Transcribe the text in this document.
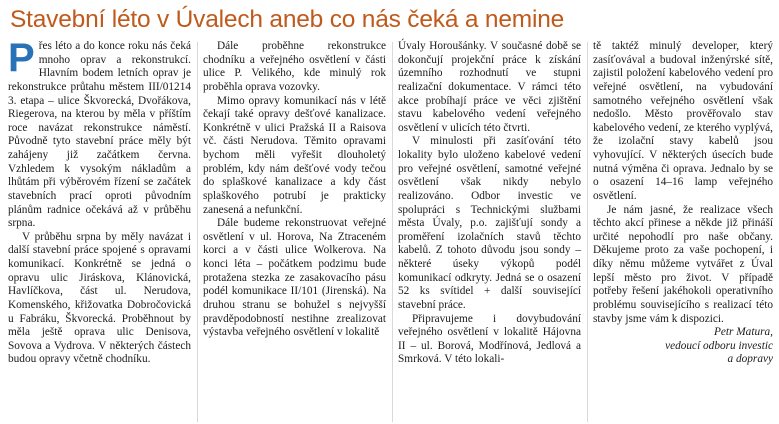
Stavební léto v Úvalech aneb co nás čeká a nemine

Přes léto a do konce roku nás čeká mnoho oprav a rekonstrukcí. Hlavním bodem letních oprav je rekonstrukce průtahu městem III/01214 3. etapa – ulice Škvorecká, Dvořákova, Riegerova, na kterou by měla v příštím roce navázat rekonstrukce náměstí. Původně tyto stavební práce měly být zahájeny již začátkem června. Vzhledem k vysokým nákladům a lhůtám při výběrovém řízení se začátek stavebních prací oproti původním plánům radnice očekává až v průběhu srpna.

V průběhu srpna by měly navázat i další stavební práce spojené s opravami komunikací. Konkrétně se jedná o opravu ulic Jiráskova, Klánovická, Havlíčkova, část ul. Nerudova, Komenského, křižovatka Dobročovická u Fabráku, Škvorecká. Proběhnout by měla ještě oprava ulic Denisova, Sovova a Vydrova. V některých částech budou opravy včetně chodníku.

Dále proběhne rekonstrukce chodníku a veřejného osvětlení v části ulice P. Velikého, kde minulý rok proběhla oprava vozovky.

Mimo opravy komunikací nás v létě čekají také opravy dešťové kanalizace. Konkrétně v ulici Pražská II a Raisova vč. části Nerudova. Těmito opravami bychom měli vyřešit dlouholetý problém, kdy nám dešťové vody tečou do splaškové kanalizace a kdy část splaškového potrubí je prakticky zanesená a nefunkční.

Dále budeme rekonstruovat veřejné osvětlení v ul. Horova, Na Ztraceném korci a v části ulice Wolkerova. Na konci léta – počátkem podzimu bude protažena stezka ze zasakovacího pásu podél komunikace II/101 (Jirenská). Na druhou stranu se bohužel s nejvyšší pravděpodobností nestihne zrealizovat výstavba veřejného osvětlení v lokalitě

Úvaly Horoušánky. V současné době se dokončují projekční práce k získání územního rozhodnutí ve stupni realizační dokumentace. V rámci této akce probíhají práce ve věci zjištění stavu kabelového vedení veřejného osvětlení v ulicích této čtvrti.

V minulosti při zasíťování této lokality bylo uloženo kabelové vedení pro veřejné osvětlení, samotné veřejné osvětlení však nikdy nebylo realizováno. Odbor investic ve spolupráci s Technickými službami města Úvaly, p.o. zajišťují sondy a proměření izolačních stavů těchto kabelů. Z tohoto důvodu jsou sondy – některé úseky výkopů podél komunikací odkryty. Jedná se o osazení 52 ks svítidel + další související stavební práce.

Připravujeme i dovybudování veřejného osvětlení v lokalitě Hájovna II – ul. Borová, Modřínová, Jedlová a Smrková. V této lokali-

tě taktéž minulý developer, který zasíťovával a budoval inženýrské sítě, zajistil položení kabelového vedení pro veřejné osvětlení, na vybudování samotného veřejného osvětlení však nedošlo. Město prověřovalo stav kabelového vedení, ze kterého vyplývá, že izolační stavy kabelů jsou vyhovující. V některých úsecích bude nutná výměna či oprava. Jednalo by se o osazení 14–16 lamp veřejného osvětlení.

Je nám jasné, že realizace všech těchto akcí přinese a někde již přináší určité nepohodlí pro naše občany. Děkujeme proto za vaše pochopení, i díky němu můžeme vytvářet z Úval lepší město pro život. V případě potřeby řešení jakéhokoli operativního problému souvisejícího s realizací této stavby jsme vám k dispozici.

Petr Matura,

vedoucí odboru investic

a dopravy
